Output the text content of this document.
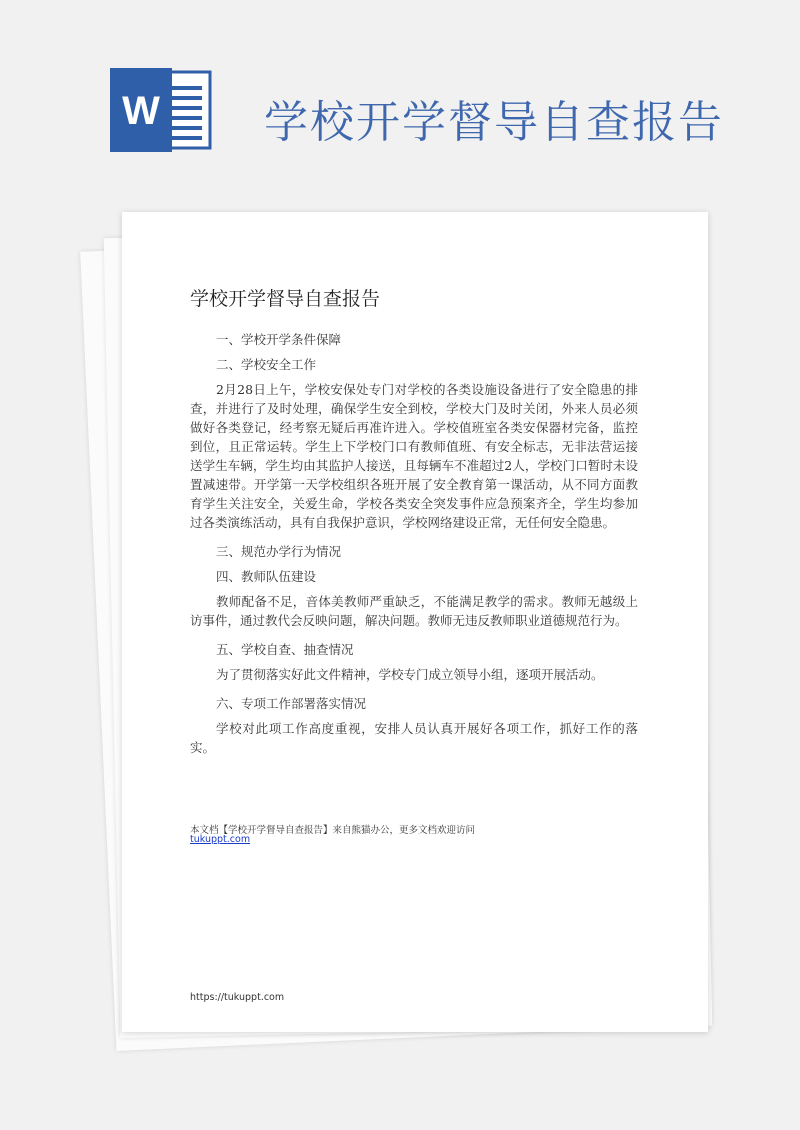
W 学校开学督导自查报告
学校开学督导自查报告
一、学校开学条件保障
二、学校安全工作
2月28日上午，学校安保处专门对学校的各类设施设备进行了安全隐患的排查，并进行了及时处理，确保学生安全到校，学校大门及时关闭，外来人员必须做好各类登记，经考察无疑后再准许进入。学校值班室各类安保器材完备，监控到位，且正常运转。学生上下学校门口有教师值班、有安全标志，无非法营运接送学生车辆，学生均由其监护人接送，且每辆车不准超过2人，学校门口暂时未设置减速带。开学第一天学校组织各班开展了安全教育第一课活动，从不同方面教育学生关注安全，关爱生命，学校各类安全突发事件应急预案齐全，学生均参加过各类演练活动，具有自我保护意识，学校网络建设正常，无任何安全隐患。
三、规范办学行为情况
四、教师队伍建设
教师配备不足，音体美教师严重缺乏，不能满足教学的需求。教师无越级上访事件，通过教代会反映问题，解决问题。教师无违反教师职业道德规范行为。
五、学校自查、抽查情况
为了贯彻落实好此文件精神，学校专门成立领导小组，逐项开展活动。
六、专项工作部署落实情况
学校对此项工作高度重视，安排人员认真开展好各项工作，抓好工作的落实。
本文档【学校开学督导自查报告】来自熊猫办公，更多文档欢迎访问
tukuppt.com
https://tukuppt.com
